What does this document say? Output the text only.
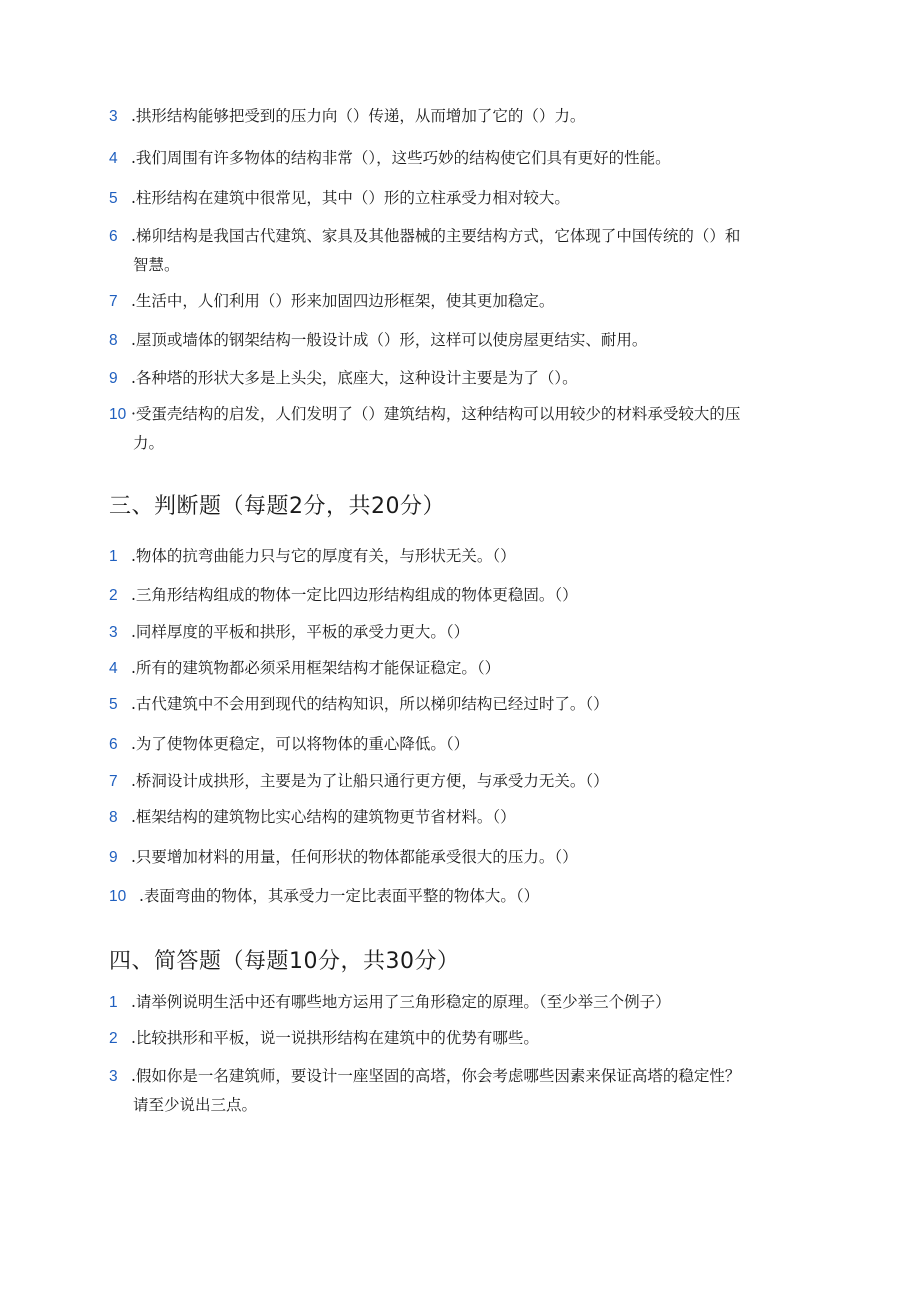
3 .拱形结构能够把受到的压力向（）传递，从而增加了它的（）力。
4 .我们周围有许多物体的结构非常（），这些巧妙的结构使它们具有更好的性能。
5 .柱形结构在建筑中很常见，其中（）形的立柱承受力相对较大。
6 .梯卯结构是我国古代建筑、家具及其他器械的主要结构方式，它体现了中国传统的（）和
智慧。
7 .生活中，人们利用（）形来加固四边形框架，使其更加稳定。
8 .屋顶或墙体的钢架结构一般设计成（）形，这样可以使房屋更结实、耐用。
9 .各种塔的形状大多是上头尖，底座大，这种设计主要是为了（）。
10 ·受蛋壳结构的启发，人们发明了（）建筑结构，这种结构可以用较少的材料承受较大的压
力。
三、判断题（每题2分，共20分）
1 .物体的抗弯曲能力只与它的厚度有关，与形状无关。（）
2 .三角形结构组成的物体一定比四边形结构组成的物体更稳固。（）
3 .同样厚度的平板和拱形，平板的承受力更大。（）
4 .所有的建筑物都必须采用框架结构才能保证稳定。（）
5 .古代建筑中不会用到现代的结构知识，所以梯卯结构已经过时了。（）
6 .为了使物体更稳定，可以将物体的重心降低。（）
7 .桥洞设计成拱形，主要是为了让船只通行更方便，与承受力无关。（）
8 .框架结构的建筑物比实心结构的建筑物更节省材料。（）
9 .只要增加材料的用量，任何形状的物体都能承受很大的压力。（）
10 .表面弯曲的物体，其承受力一定比表面平整的物体大。（）
四、简答题（每题10分，共30分）
1 .请举例说明生活中还有哪些地方运用了三角形稳定的原理。（至少举三个例子）
2 .比较拱形和平板，说一说拱形结构在建筑中的优势有哪些。
3 .假如你是一名建筑师，要设计一座坚固的高塔，你会考虑哪些因素来保证高塔的稳定性？
请至少说出三点。
